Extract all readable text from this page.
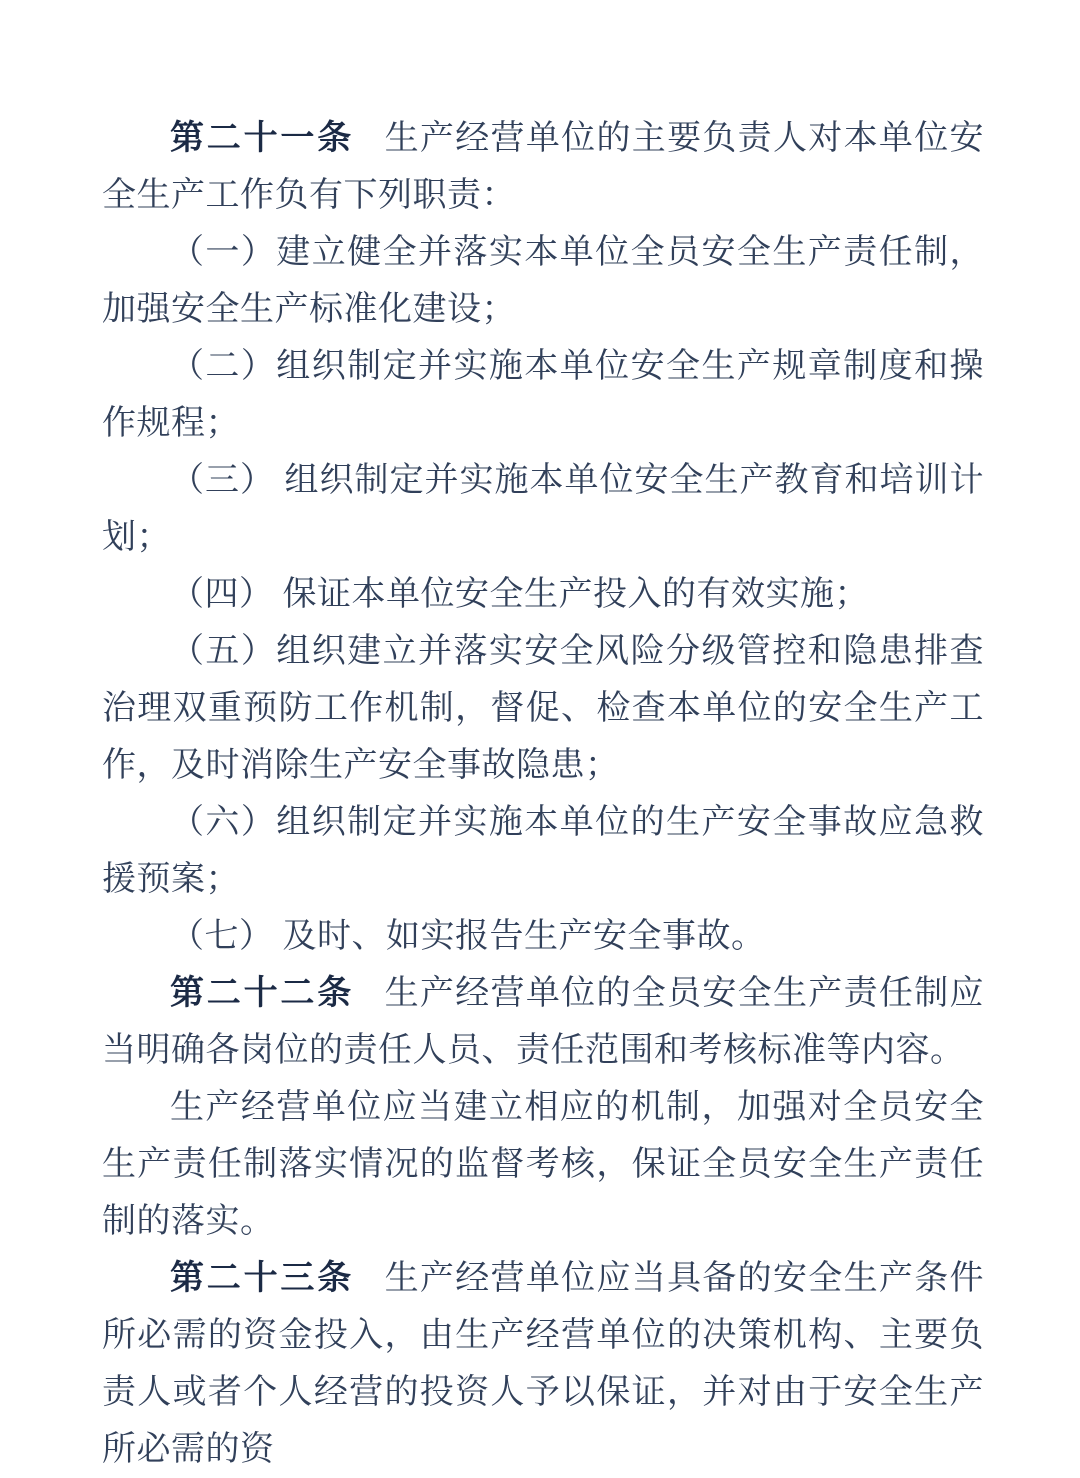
第二十一条 生产经营单位的主要负责人对本单位安全生产工作负有下列职责：

（一）建立健全并落实本单位全员安全生产责任制，加强安全生产标准化建设；

（二）组织制定并实施本单位安全生产规章制度和操作规程；

（三） 组织制定并实施本单位安全生产教育和培训计划；

（四） 保证本单位安全生产投入的有效实施；

（五）组织建立并落实安全风险分级管控和隐患排查治理双重预防工作机制，督促、检查本单位的安全生产工作，及时消除生产安全事故隐患；

（六）组织制定并实施本单位的生产安全事故应急救援预案；

（七） 及时、如实报告生产安全事故。

第二十二条 生产经营单位的全员安全生产责任制应当明确各岗位的责任人员、责任范围和考核标准等内容。

生产经营单位应当建立相应的机制，加强对全员安全生产责任制落实情况的监督考核，保证全员安全生产责任制的落实。

第二十三条 生产经营单位应当具备的安全生产条件所必需的资金投入，由生产经营单位的决策机构、主要负责人或者个人经营的投资人予以保证，并对由于安全生产所必需的资
